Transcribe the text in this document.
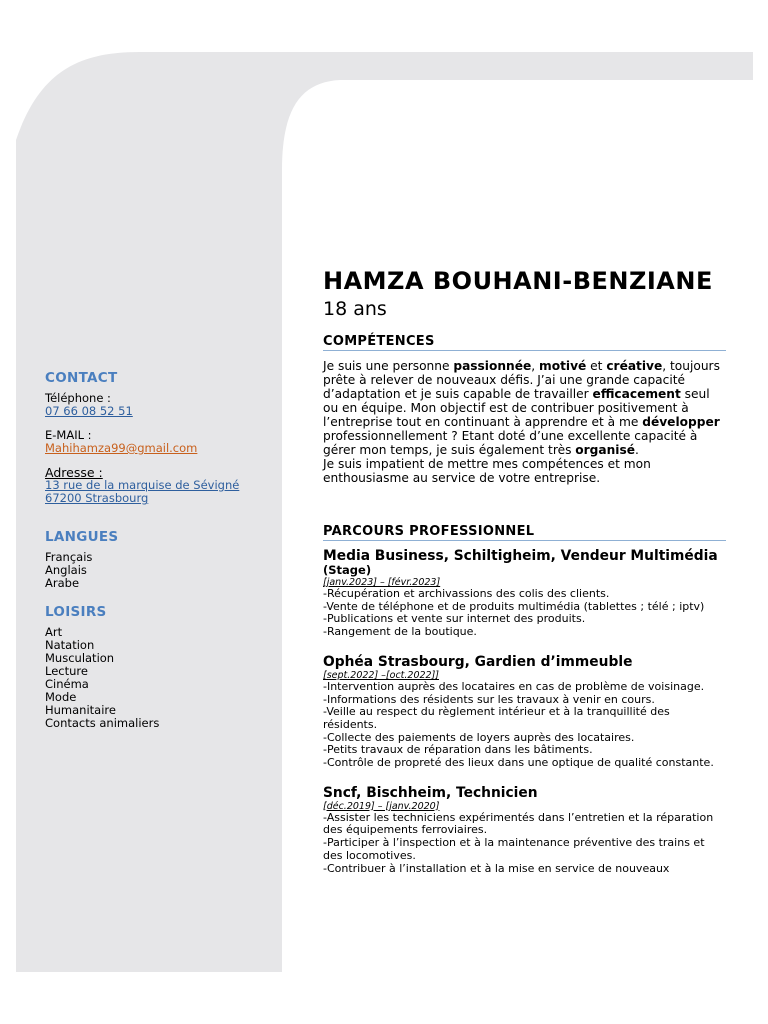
CONTACT
Téléphone :
07 66 08 52 51
E-MAIL :
Mahihamza99@gmail.com
Adresse :
13 rue de la marquise de Sévigné
67200 Strasbourg
LANGUES
Français
Anglais
Arabe
LOISIRS
Art
Natation
Musculation
Lecture
Cinéma
Mode
Humanitaire
Contacts animaliers
HAMZA BOUHANI-BENZIANE
18 ans
COMPÉTENCES

Je suis une personne passionnée, motivé et créative, toujours prête à relever de nouveaux défis. J’ai une grande capacité d’adaptation et je suis capable de travailler efficacement seul ou en équipe. Mon objectif est de contribuer positivement à l’entreprise tout en continuant à apprendre et à me développer professionnellement ? Etant doté d’une excellente capacité à gérer mon temps, je suis également très organisé.

Je suis impatient de mettre mes compétences et mon enthousiasme au service de votre entreprise.

PARCOURS PROFESSIONNEL
Media Business, Schiltigheim, Vendeur Multimédia
(Stage)
[janv.2023] – [févr.2023]
-Récupération et archivassions des colis des clients.
-Vente de téléphone et de produits multimédia (tablettes ; télé ; iptv)
-Publications et vente sur internet des produits.
-Rangement de la boutique.
Ophéa Strasbourg, Gardien d’immeuble
[sept.2022] –[oct.2022]]
-Intervention auprès des locataires en cas de problème de voisinage.
-Informations des résidents sur les travaux à venir en cours.
-Veille au respect du règlement intérieur et à la tranquillité des résidents.
-Collecte des paiements de loyers auprès des locataires.
-Petits travaux de réparation dans les bâtiments.
-Contrôle de propreté des lieux dans une optique de qualité constante.
Sncf, Bischheim, Technicien
[déc.2019] – [janv.2020]
-Assister les techniciens expérimentés dans l’entretien et la réparation des équipements ferroviaires.
-Participer à l’inspection et à la maintenance préventive des trains et des locomotives.
-Contribuer à l’installation et à la mise en service de nouveaux
